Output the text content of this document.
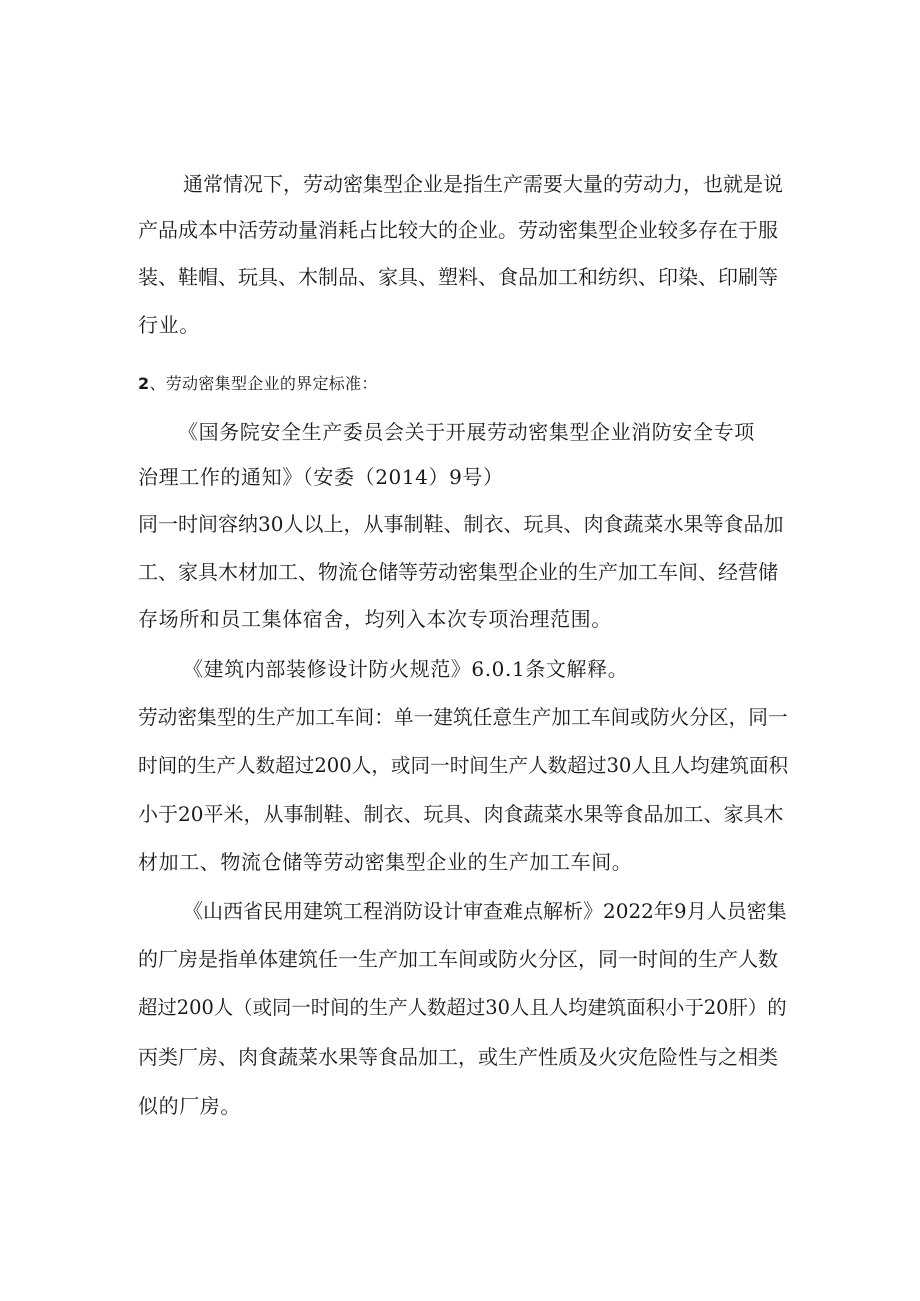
通常情况下，劳动密集型企业是指生产需要大量的劳动力，也就是说
产品成本中活劳动量消耗占比较大的企业。劳动密集型企业较多存在于服
装、鞋帽、玩具、木制品、家具、塑料、食品加工和纺织、印染、印刷等
行业。
2、劳动密集型企业的界定标准：
《国务院安全生产委员会关于开展劳动密集型企业消防安全专项
治理工作的通知》（安委（2014）9号）
同一时间容纳30人以上，从事制鞋、制衣、玩具、肉食蔬菜水果等食品加
工、家具木材加工、物流仓储等劳动密集型企业的生产加工车间、经营储
存场所和员工集体宿舍，均列入本次专项治理范围。
《建筑内部装修设计防火规范》6.0.1条文解释。
劳动密集型的生产加工车间：单一建筑任意生产加工车间或防火分区，同一
时间的生产人数超过200人，或同一时间生产人数超过30人且人均建筑面积
小于20平米，从事制鞋、制衣、玩具、肉食蔬菜水果等食品加工、家具木
材加工、物流仓储等劳动密集型企业的生产加工车间。
《山西省民用建筑工程消防设计审查难点解析》2022年9月人员密集
的厂房是指单体建筑任一生产加工车间或防火分区，同一时间的生产人数
超过200人（或同一时间的生产人数超过30人且人均建筑面积小于20肝）的
丙类厂房、肉食蔬菜水果等食品加工，或生产性质及火灾危险性与之相类
似的厂房。
